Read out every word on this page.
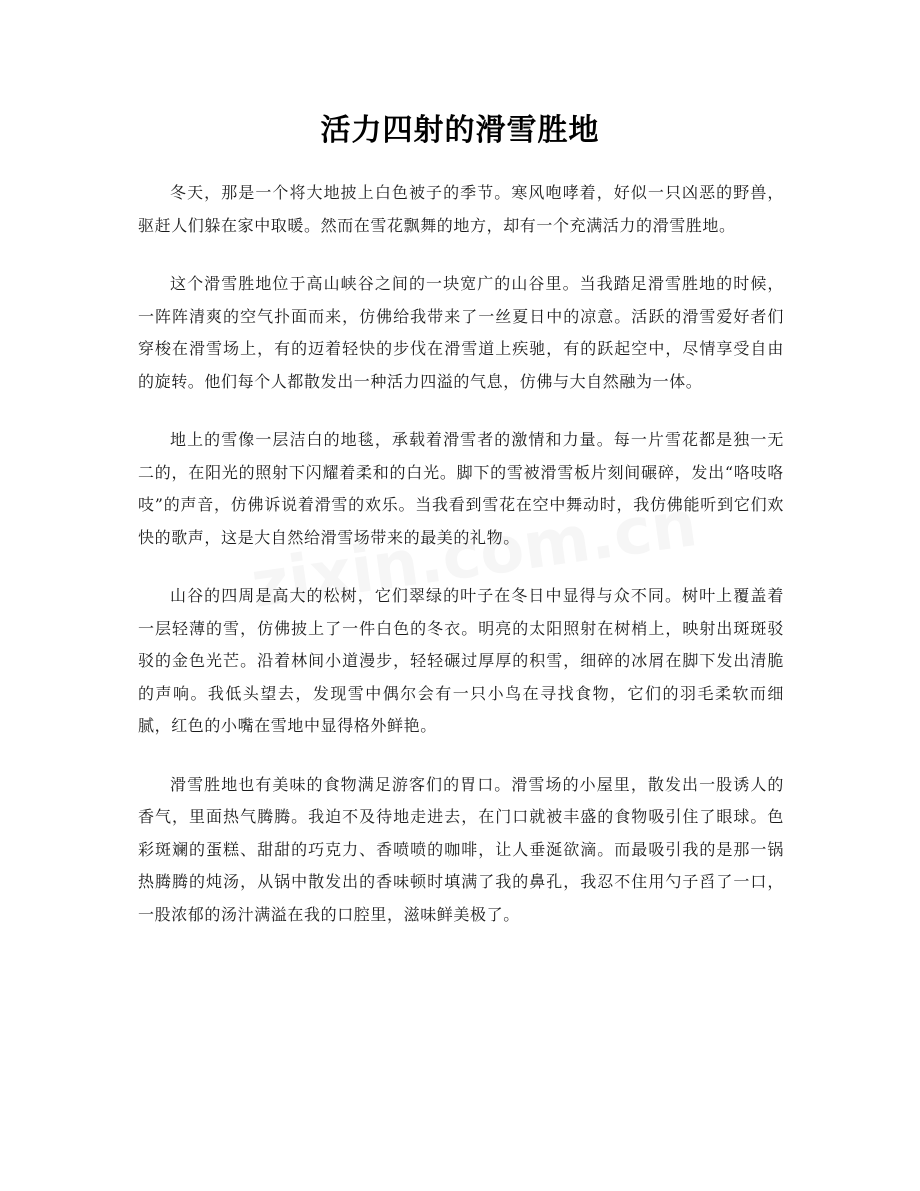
活力四射的滑雪胜地

冬天，那是一个将大地披上白色被子的季节。寒风咆哮着，好似一只凶恶的野兽，驱赶人们躲在家中取暖。然而在雪花飘舞的地方，却有一个充满活力的滑雪胜地。

这个滑雪胜地位于高山峡谷之间的一块宽广的山谷里。当我踏足滑雪胜地的时候，一阵阵清爽的空气扑面而来，仿佛给我带来了一丝夏日中的凉意。活跃的滑雪爱好者们穿梭在滑雪场上，有的迈着轻快的步伐在滑雪道上疾驰，有的跃起空中，尽情享受自由的旋转。他们每个人都散发出一种活力四溢的气息，仿佛与大自然融为一体。

地上的雪像一层洁白的地毯，承载着滑雪者的激情和力量。每一片雪花都是独一无二的，在阳光的照射下闪耀着柔和的白光。脚下的雪被滑雪板片刻间碾碎，发出“咯吱咯吱”的声音，仿佛诉说着滑雪的欢乐。当我看到雪花在空中舞动时，我仿佛能听到它们欢快的歌声，这是大自然给滑雪场带来的最美的礼物。

山谷的四周是高大的松树，它们翠绿的叶子在冬日中显得与众不同。树叶上覆盖着一层轻薄的雪，仿佛披上了一件白色的冬衣。明亮的太阳照射在树梢上，映射出斑斑驳驳的金色光芒。沿着林间小道漫步，轻轻碾过厚厚的积雪，细碎的冰屑在脚下发出清脆的声响。我低头望去，发现雪中偶尔会有一只小鸟在寻找食物，它们的羽毛柔软而细腻，红色的小嘴在雪地中显得格外鲜艳。

滑雪胜地也有美味的食物满足游客们的胃口。滑雪场的小屋里，散发出一股诱人的香气，里面热气腾腾。我迫不及待地走进去，在门口就被丰盛的食物吸引住了眼球。色彩斑斓的蛋糕、甜甜的巧克力、香喷喷的咖啡，让人垂涎欲滴。而最吸引我的是那一锅热腾腾的炖汤，从锅中散发出的香味顿时填满了我的鼻孔，我忍不住用勺子舀了一口，一股浓郁的汤汁满溢在我的口腔里，滋味鲜美极了。
